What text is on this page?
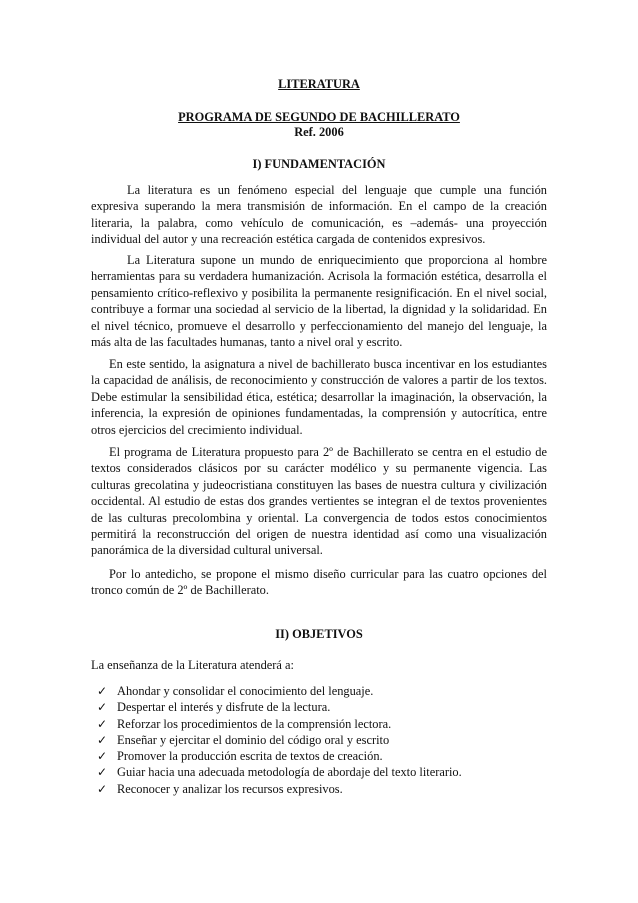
LITERATURA
PROGRAMA DE SEGUNDO DE BACHILLERATO
Ref. 2006
I) FUNDAMENTACIÓN

La literatura es un fenómeno especial del lenguaje que cumple una función expresiva superando la mera transmisión de información. En el campo de la creación literaria, la palabra, como vehículo de comunicación, es –además- una proyección individual del autor y una recreación estética cargada de contenidos expresivos.

La Literatura supone un mundo de enriquecimiento que proporciona al hombre herramientas para su verdadera humanización. Acrisola la formación estética, desarrolla el pensamiento crítico-reflexivo y posibilita la permanente resignificación. En el nivel social, contribuye a formar una sociedad al servicio de la libertad, la dignidad y la solidaridad. En el nivel técnico, promueve el desarrollo y perfeccionamiento del manejo del lenguaje, la más alta de las facultades humanas, tanto a nivel oral y escrito.

En este sentido, la asignatura a nivel de bachillerato busca incentivar en los estudiantes la capacidad de análisis, de reconocimiento y construcción de valores a partir de los textos. Debe estimular la sensibilidad ética, estética; desarrollar la imaginación, la observación, la inferencia, la expresión de opiniones fundamentadas, la comprensión y autocrítica, entre otros ejercicios del crecimiento individual.

El programa de Literatura propuesto para 2º de Bachillerato se centra en el estudio de textos considerados clásicos por su carácter modélico y su permanente vigencia. Las culturas grecolatina y judeocristiana constituyen las bases de nuestra cultura y civilización occidental. Al estudio de estas dos grandes vertientes se integran el de textos provenientes de las culturas precolombina y oriental. La convergencia de todos estos conocimientos permitirá la reconstrucción del origen de nuestra identidad así como una visualización panorámica de la diversidad cultural universal.

Por lo antedicho, se propone el mismo diseño curricular para las cuatro opciones del tronco común de 2º de Bachillerato.

II) OBJETIVOS

La enseñanza de la Literatura atenderá a:

✓ Ahondar y consolidar el conocimiento del lenguaje.
✓ Despertar el interés y disfrute de la lectura.
✓ Reforzar los procedimientos de la comprensión lectora.
✓ Enseñar y ejercitar el dominio del código oral y escrito
✓ Promover la producción escrita de textos de creación.
✓ Guiar hacia una adecuada metodología de abordaje del texto literario.
✓ Reconocer y analizar los recursos expresivos.
